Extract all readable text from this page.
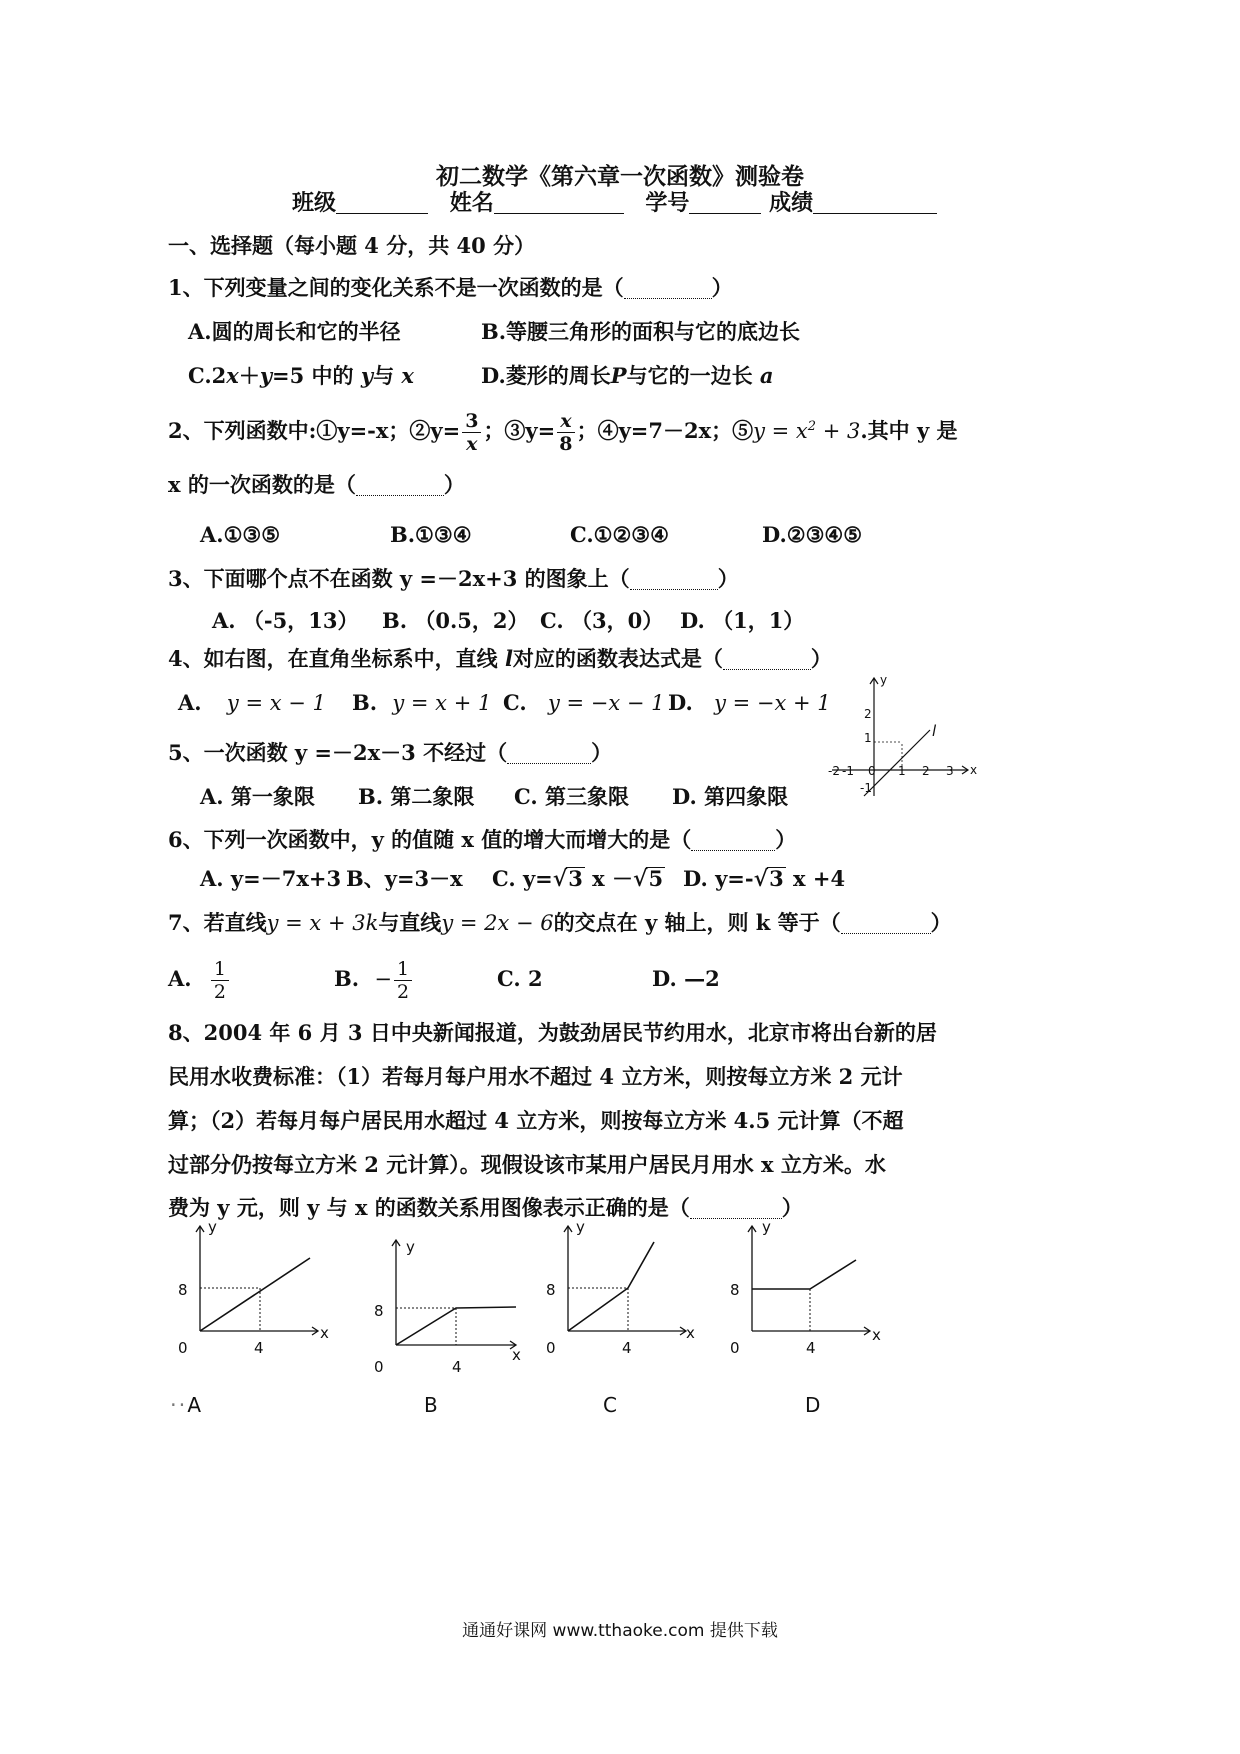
初二数学《第六章一次函数》测验卷
班级	姓名	学号	成绩
一、选择题（每小题 4 分，共 40 分）
1、下列变量之间的变化关系不是一次函数的是（	）
A.圆的周长和它的半径	B.等腰三角形的面积与它的底边长
C.2x＋y=5 中的 y与 x	D.菱形的周长P与它的一边长 a
2、下列函数中:①y=-x；②y= $\frac{3}{x}$ ；③y= $\frac{x}{8}$ ；④y=7－2x；⑤y = $x^2 + 3$.其中 y 是
x 的一次函数的是（	）
A.①③⑤	B.①③④	C.①②③④	D.②③④⑤
3、下面哪个点不在函数 y =－2x+3 的图象上（	）
A. （-5，13） B. （0.5，2） C. （3，0） D. （1，1）
4、如右图，在直角坐标系中，直线 l对应的函数表达式是（	）
A. y = x − 1 B. y = x + 1 C. y = −x − 1 D. y = −x + 1
x
y
-2 -1 0 1 2 3
2
1
-1
l
5、一次函数 y =－2x－3 不经过（	）
A. 第一象限 B. 第二象限 C. 第三象限 D. 第四象限
6、下列一次函数中，y 的值随 x 值的增大而增大的是（	）
A. y=－7x+3 B、y=3－x C. y=√3 x －√5 D. y=-√3 x +4
7、若直线y = x + 3k与直线y = 2x − 6的交点在 y 轴上，则 k 等于（	）
A. $\frac{1}{2}$	B. − $\frac{1}{2}$	C. 2	D. —2
8、2004 年 6 月 3 日中央新闻报道，为鼓劲居民节约用水，北京市将出台新的居
民用水收费标准：（1）若每月每户用水不超过 4 立方米，则按每立方米 2 元计
算；（2）若每月每户居民用水超过 4 立方米，则按每立方米 4.5 元计算（不超
过部分仍按每立方米 2 元计算）。现假设该市某用户居民月用水 x 立方米。水
费为 y 元，则 y 与 x 的函数关系用图像表示正确的是（	）
y
x
0	4
8
y
x
0	4
8
y
x
0	4
8
y
x
0	4
8
··A	B	C	D
通通好课网 www.tthaoke.com 提供下载
